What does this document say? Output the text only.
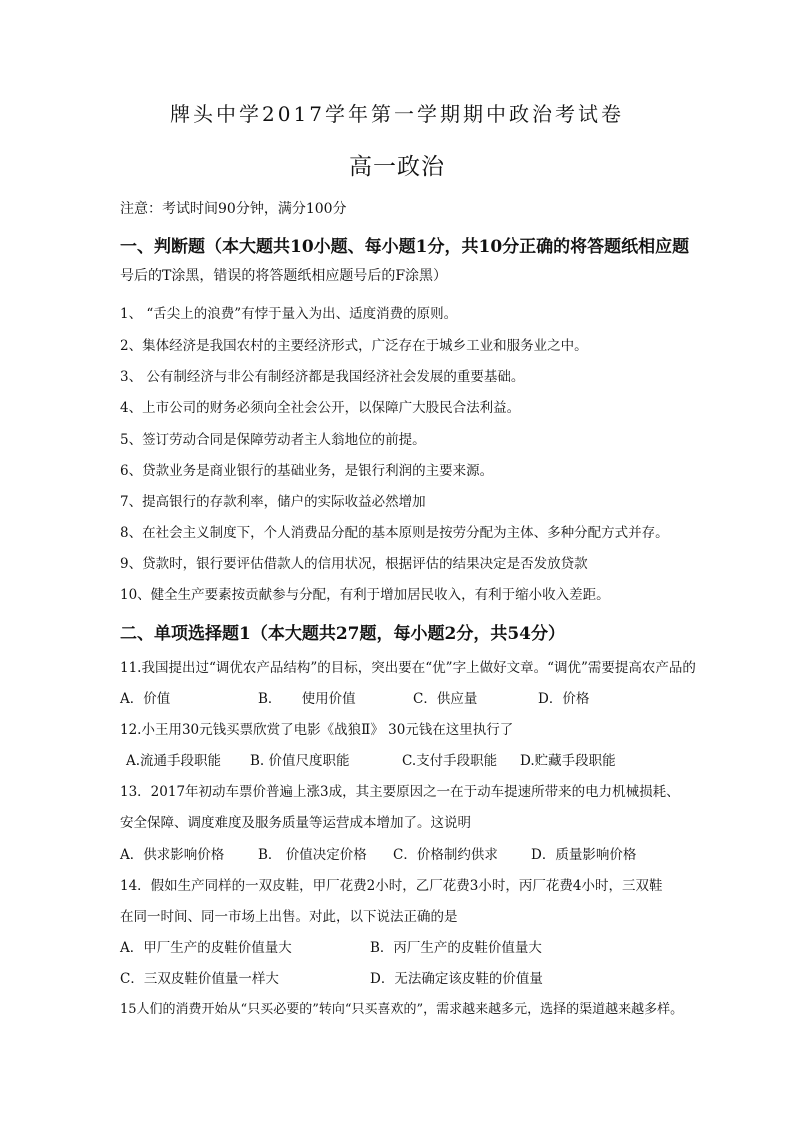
牌头中学2017学年第一学期期中政治考试卷
高一政治
注意：考试时间90分钟，满分100分
一、判断题（本大题共10小题、每小题1分，共10分正确的将答题纸相应题
号后的T涂黑，错误的将答题纸相应题号后的F涂黑）
1、 “舌尖上的浪费”有悖于量入为出、适度消费的原则。
2、集体经济是我国农村的主要经济形式，广泛存在于城乡工业和服务业之中。
3、 公有制经济与非公有制经济都是我国经济社会发展的重要基础。
4、上市公司的财务必须向全社会公开，以保障广大股民合法利益。
5、签订劳动合同是保障劳动者主人翁地位的前提。
6、贷款业务是商业银行的基础业务，是银行利润的主要来源。
7、提高银行的存款利率，储户的实际收益必然增加
8、在社会主义制度下，个人消费品分配的基本原则是按劳分配为主体、多种分配方式并存。
9、贷款时，银行要评估借款人的信用状况，根据评估的结果决定是否发放贷款
10、健全生产要素按贡献参与分配，有利于增加居民收入，有利于缩小收入差距。
二、单项选择题1（本大题共27题，每小题2分，共54分）
11.我国提出过“调优农产品结构”的目标，突出要在“优”字上做好文章。“调优”需要提高农产品的
A．价值	B．　　使用价值	C．供应量	D．价格
12.小王用30元钱买票欣赏了电影《战狼Ⅱ》 30元钱在这里执行了
A.流通手段职能 B. 价值尺度职能	C.支付手段职能 D.贮藏手段职能
13．2017年初动车票价普遍上涨3成，其主要原因之一在于动车提速所带来的电力机械损耗、
安全保障、调度难度及服务质量等运营成本增加了。这说明
A．供求影响价格	B． 价值决定价格 C．价格制约供求 D．质量影响价格
14．假如生产同样的一双皮鞋，甲厂花费2小时，乙厂花费3小时，丙厂花费4小时，三双鞋
在同一时间、同一市场上出售。对此，以下说法正确的是
A．甲厂生产的皮鞋价值量大	B．丙厂生产的皮鞋价值量大
C．三双皮鞋价值量一样大	D．无法确定该皮鞋的价值量
15人们的消费开始从“只买必要的”转向“只买喜欢的”，需求越来越多元，选择的渠道越来越多样。
